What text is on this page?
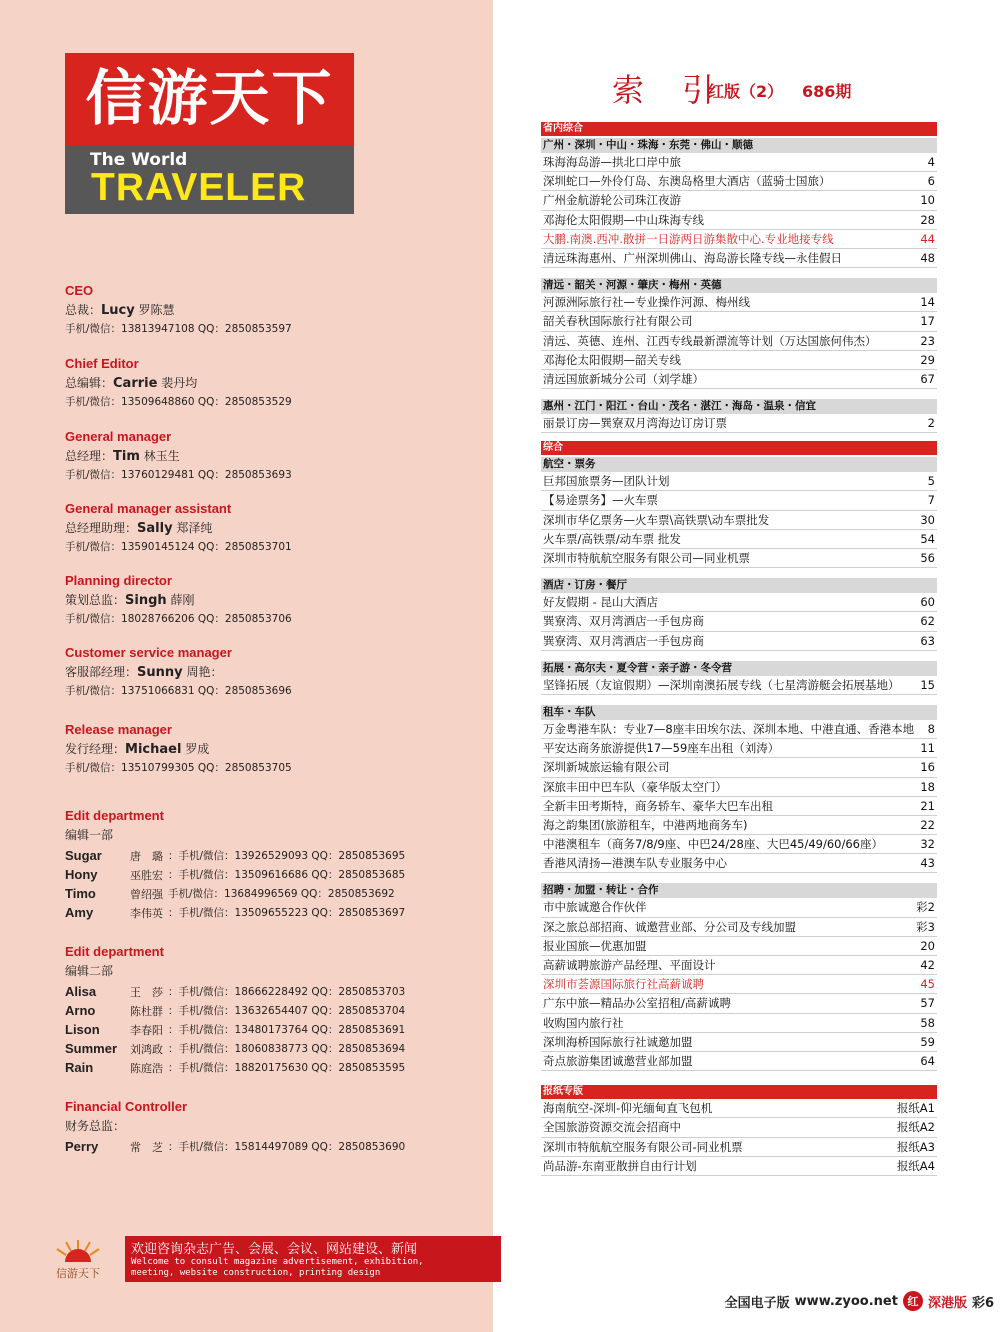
信游天下
The World
TRAVELER
CEO
总裁：Lucy 罗陈慧
手机/微信：13813947108 QQ：2850853597
Chief Editor
总编辑：Carrie 裴丹均
手机/微信：13509648860 QQ：2850853529
General manager
总经理：Tim 林玉生
手机/微信：13760129481 QQ：2850853693
General manager assistant
总经理助理：Sally 郑泽纯
手机/微信：13590145124 QQ：2850853701
Planning director
策划总监：Singh 薛刚
手机/微信：18028766206 QQ：2850853706
Customer service manager
客服部经理：Sunny 周艳：
手机/微信：13751066831 QQ：2850853696
Release manager
发行经理：Michael 罗成
手机/微信：13510799305 QQ：2850853705
Edit department
编辑一部
Sugar	唐　璐 ：手机/微信：13926529093 QQ：2850853695
Hony	巫胜宏 ：手机/微信：13509616686 QQ：2850853685
Timo	曾绍强 手机/微信：13684996569 QQ：2850853692
Amy	李伟英 ：手机/微信：13509655223 QQ：2850853697
Edit department
编辑二部
Alisa	王　莎 ：手机/微信：18666228492 QQ：2850853703
Arno	陈杜群 ：手机/微信：13632654407 QQ：2850853704
Lison	李春阳 ：手机/微信：13480173764 QQ：2850853691
Summer	刘鸿政 ：手机/微信：18060838773 QQ：2850853694
Rain	陈庭浩 ：手机/微信：18820175630 QQ：2850853595
Financial Controller
财务总监：
Perry	常　芝 ：手机/微信：15814497089 QQ：2850853690
信游天下
欢迎咨询杂志广告、会展、会议、网站建设、新闻
Welcome to consult magazine advertisement, exhibition,
meeting, website construction, printing design
索 引
红版（2） 686期
省内综合
广州・深圳・中山・珠海・东莞・佛山・顺德
珠海海岛游—拱北口岸中旅	4
深圳蛇口—外伶仃岛、东澳岛格里大酒店（蓝骑士国旅）	6
广州金航游轮公司珠江夜游	10
邓海伦太阳假期—中山珠海专线	28
大鹏.南澳.西冲.散拼一日游两日游集散中心.专业地接专线	44
清远珠海惠州、广州深圳佛山、海岛游长隆专线—永佳假日	48
清远・韶关・河源・肇庆・梅州・英德
河源洲际旅行社—专业操作河源、梅州线	14
韶关春秋国际旅行社有限公司	17
清远、英德、连州、江西专线最新漂流等计划（万达国旅何伟杰）	23
邓海伦太阳假期—韶关专线	29
清远国旅新城分公司（刘学雄）	67
惠州・江门・阳江・台山・茂名・湛江・海岛・温泉・信宜
丽景订房—巽寮双月湾海边订房订票	2
综合
航空・票务
巨邦国旅票务—团队计划	5
【易途票务】—火车票	7
深圳市华亿票务—火车票\高铁票\动车票批发	30
火车票/高铁票/动车票 批发	54
深圳市特航航空服务有限公司—同业机票	56
酒店・订房・餐厅
好友假期 - 昆山大酒店	60
巽寮湾、双月湾酒店一手包房商	62
巽寮湾、双月湾酒店一手包房商	63
拓展・高尔夫・夏令营・亲子游・冬令营
坚锋拓展（友谊假期）—深圳南澳拓展专线（七星湾游艇会拓展基地） 15
租车・车队
万金粤港车队：专业7—8座丰田埃尔法、深圳本地、中港直通、香港本地 8
平安达商务旅游提供17—59座车出租（刘涛）	11
深圳新城旅运输有限公司	16
深旅丰田中巴车队（豪华版太空门）	18
全新丰田考斯特，商务轿车、豪华大巴车出租	21
海之韵集团(旅游租车，中港两地商务车)	22
中港澳租车（商务7/8/9座、中巴24/28座、大巴45/49/60/66座）	32
香港风清扬—港澳车队专业服务中心	43
招聘・加盟・转让・合作
市中旅诚邀合作伙伴	彩2
深之旅总部招商、诚邀营业部、分公司及专线加盟	彩3
报业国旅—优惠加盟	20
高薪诚聘旅游产品经理、平面设计	42
深圳市荟源国际旅行社高薪诚聘	45
广东中旅—精品办公室招租/高薪诚聘	57
收购国内旅行社	58
深圳海桥国际旅行社诚邀加盟	59
奇点旅游集团诚邀营业部加盟	64
报纸专版
海南航空-深圳-仰光缅甸直飞包机	报纸A1
全国旅游资源交流会招商中	报纸A2
深圳市特航航空服务有限公司-同业机票	报纸A3
尚品游-东南亚散拼自由行计划	报纸A4
全国电子版 www.zyoo.net 红 深港版 彩6
